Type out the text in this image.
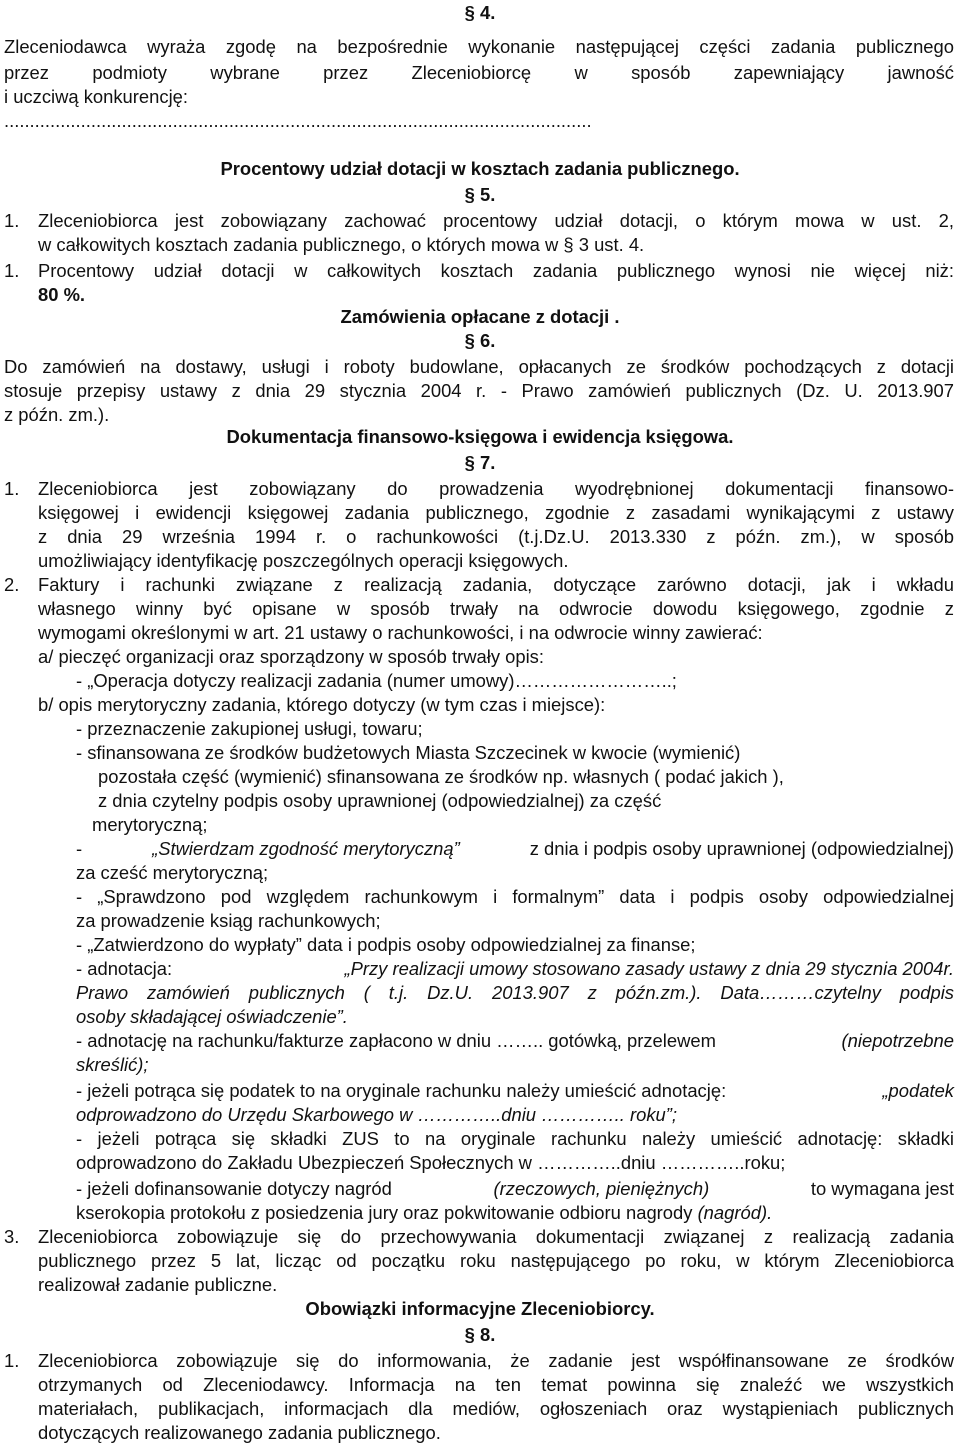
§ 4.
Zleceniodawca wyraża zgodę na bezpośrednie wykonanie następującej części zadania publicznego
przez podmioty wybrane przez Zleceniobiorcę w sposób zapewniający jawność
i uczciwą konkurencję:
...................................................................................................................
Procentowy udział dotacji w kosztach zadania publicznego.
§ 5.
1. Zleceniobiorca jest zobowiązany zachować procentowy udział dotacji, o którym mowa w ust. 2,
w całkowitych kosztach zadania publicznego, o których mowa w § 3 ust. 4.
1. Procentowy udział dotacji w całkowitych kosztach zadania publicznego wynosi nie więcej niż:
80 %.
Zamówienia opłacane z dotacji .
§ 6.
Do zamówień na dostawy, usługi i roboty budowlane, opłacanych ze środków pochodzących z dotacji
stosuje przepisy ustawy z dnia 29 stycznia 2004 r. - Prawo zamówień publicznych (Dz. U. 2013.907
z późn. zm.).
Dokumentacja finansowo-księgowa i ewidencja księgowa.
§ 7.
1. Zleceniobiorca jest zobowiązany do prowadzenia wyodrębnionej dokumentacji finansowo-
księgowej i ewidencji księgowej zadania publicznego, zgodnie z zasadami wynikającymi z ustawy
z dnia 29 września 1994 r. o rachunkowości (t.j.Dz.U. 2013.330 z późn. zm.), w sposób
umożliwiający identyfikację poszczególnych operacji księgowych.
2. Faktury i rachunki związane z realizacją zadania, dotyczące zarówno dotacji, jak i wkładu
własnego winny być opisane w sposób trwały na odwrocie dowodu księgowego, zgodnie z
wymogami określonymi w art. 21 ustawy o rachunkowości, i na odwrocie winny zawierać:
a/ pieczęć organizacji oraz sporządzony w sposób trwały opis:
- „Operacja dotyczy realizacji zadania (numer umowy)……………………..;
b/ opis merytoryczny zadania, którego dotyczy (w tym czas i miejsce):
- przeznaczenie zakupionej usługi, towaru;
- sfinansowana ze środków budżetowych Miasta Szczecinek w kwocie (wymienić)
pozostała część (wymienić) sfinansowana ze środków np. własnych ( podać jakich ),
z dnia czytelny podpis osoby uprawnionej (odpowiedzialnej) za część
merytoryczną;
-	„Stwierdzam zgodność merytoryczną”	z dnia i podpis osoby uprawnionej (odpowiedzialnej)
za cześć merytoryczną;
- „Sprawdzono pod względem rachunkowym i formalnym” data i podpis osoby odpowiedzialnej
za prowadzenie ksiąg rachunkowych;
- „Zatwierdzono do wypłaty” data i podpis osoby odpowiedzialnej za finanse;
- adnotacja:	„Przy realizacji umowy stosowano zasady ustawy z dnia 29 stycznia 2004r.
Prawo zamówień publicznych ( t.j. Dz.U. 2013.907 z późn.zm.). Data………czytelny podpis
osoby składającej oświadczenie”.
- adnotację na rachunku/fakturze zapłacono w dniu …….. gotówką, przelewem	(niepotrzebne
skreślić);
- jeżeli potrąca się podatek to na oryginale rachunku należy umieścić adnotację:	„podatek
odprowadzono do Urzędu Skarbowego w …………..dniu ………….. roku”;
- jeżeli potrąca się składki ZUS to na oryginale rachunku należy umieścić adnotację: składki
odprowadzono do Zakładu Ubezpieczeń Społecznych w …………..dniu …………..roku;
- jeżeli dofinansowanie dotyczy nagród	(rzeczowych, pieniężnych)	to wymagana jest
kserokopia protokołu z posiedzenia jury oraz pokwitowanie odbioru nagrody (nagród).
3. Zleceniobiorca zobowiązuje się do przechowywania dokumentacji związanej z realizacją zadania
publicznego przez 5 lat, licząc od początku roku następującego po roku, w którym Zleceniobiorca
realizował zadanie publiczne.
Obowiązki informacyjne Zleceniobiorcy.
§ 8.
1. Zleceniobiorca zobowiązuje się do informowania, że zadanie jest współfinansowane ze środków
otrzymanych od Zleceniodawcy. Informacja na ten temat powinna się znaleźć we wszystkich
materiałach, publikacjach, informacjach dla mediów, ogłoszeniach oraz wystąpieniach publicznych
dotyczących realizowanego zadania publicznego.
